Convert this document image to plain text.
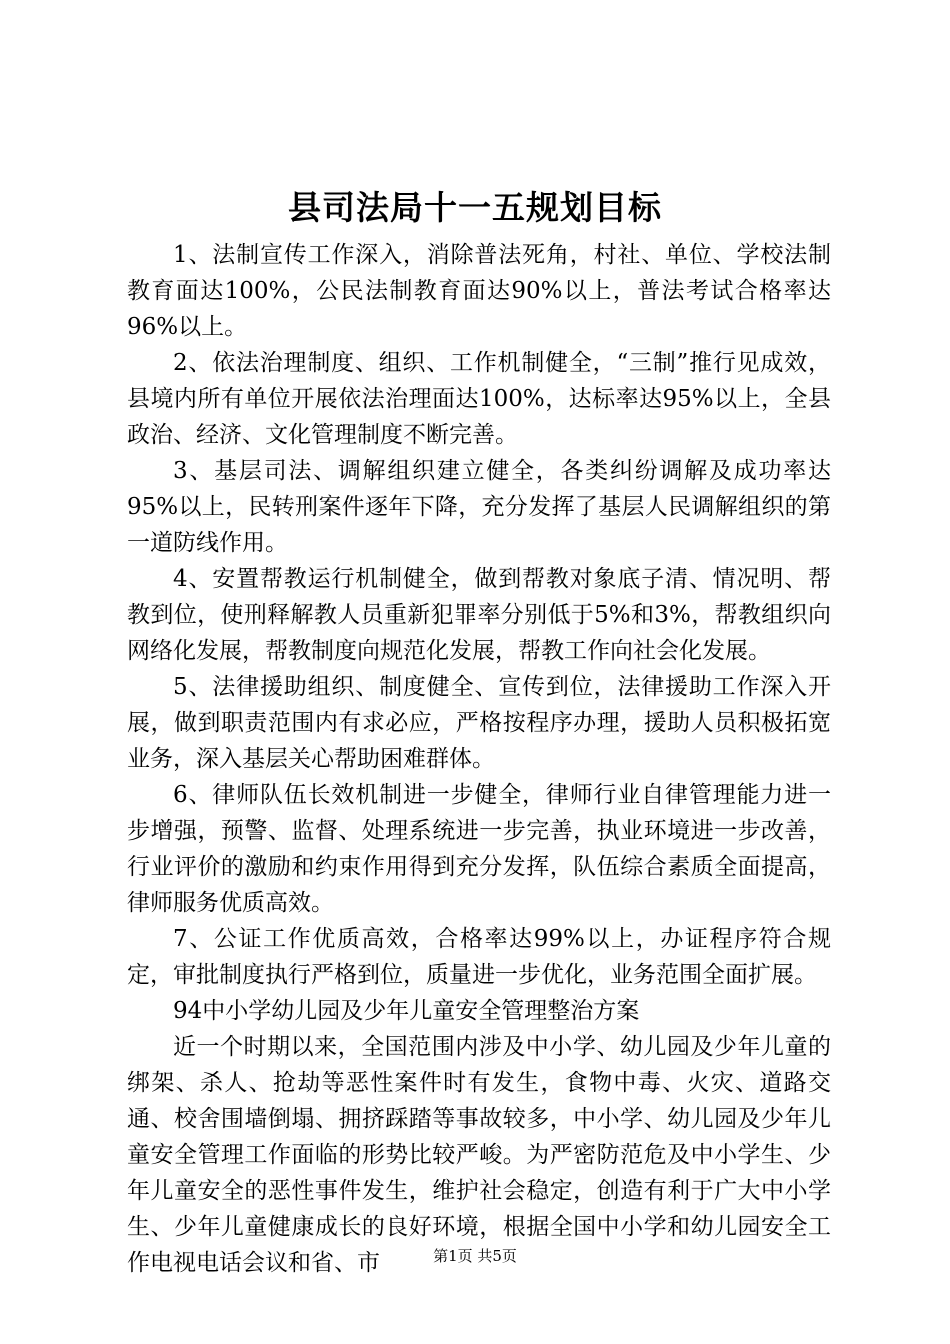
县司法局十一五规划目标

1、法制宣传工作深入，消除普法死角，村社、单位、学校法制教育面达100%，公民法制教育面达90%以上，普法考试合格率达96%以上。

2、依法治理制度、组织、工作机制健全，“三制”推行见成效，县境内所有单位开展依法治理面达100%，达标率达95%以上，全县政治、经济、文化管理制度不断完善。

3、基层司法、调解组织建立健全，各类纠纷调解及成功率达95%以上，民转刑案件逐年下降，充分发挥了基层人民调解组织的第一道防线作用。

4、安置帮教运行机制健全，做到帮教对象底子清、情况明、帮教到位，使刑释解教人员重新犯罪率分别低于5%和3%，帮教组织向网络化发展，帮教制度向规范化发展，帮教工作向社会化发展。

5、法律援助组织、制度健全、宣传到位，法律援助工作深入开展，做到职责范围内有求必应，严格按程序办理，援助人员积极拓宽业务，深入基层关心帮助困难群体。

6、律师队伍长效机制进一步健全，律师行业自律管理能力进一步增强，预警、监督、处理系统进一步完善，执业环境进一步改善，行业评价的激励和约束作用得到充分发挥，队伍综合素质全面提高，律师服务优质高效。

7、公证工作优质高效，合格率达99%以上，办证程序符合规定，审批制度执行严格到位，质量进一步优化，业务范围全面扩展。

94中小学幼儿园及少年儿童安全管理整治方案

近一个时期以来，全国范围内涉及中小学、幼儿园及少年儿童的绑架、杀人、抢劫等恶性案件时有发生，食物中毒、火灾、道路交通、校舍围墙倒塌、拥挤踩踏等事故较多，中小学、幼儿园及少年儿童安全管理工作面临的形势比较严峻。为严密防范危及中小学生、少年儿童安全的恶性事件发生，维护社会稳定，创造有利于广大中小学生、少年儿童健康成长的良好环境，根据全国中小学和幼儿园安全工作电视电话会议和省、市	第1页 共5页
